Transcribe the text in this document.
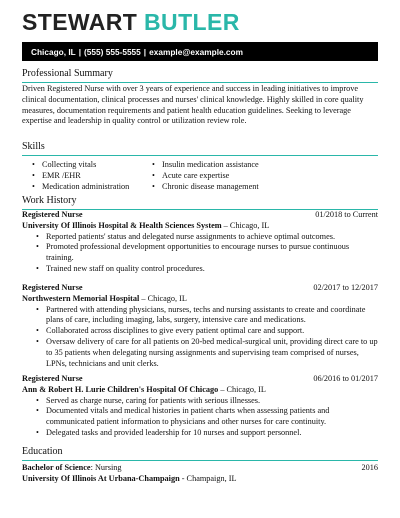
STEWART BUTLER
Chicago, IL | (555) 555-5555 | example@example.com
Professional Summary
Driven Registered Nurse with over 3 years of experience and success in leading initiatives to improve clinical documentation, clinical processes and nurses' clinical knowledge. Highly skilled in core quality measures, documentation requirements and patient health education guidelines. Seeking to leverage expertise and leadership in quality control or utilization review role.
Skills
• Collecting vitals	• Insulin medication assistance
• EMR /EHR	• Acute care expertise
• Medication administration	• Chronic disease management
Work History
Registered Nurse	01/2018 to Current
University Of Illinois Hospital & Health Sciences System – Chicago, IL
• Reported patients' status and delegated nurse assignments to achieve optimal outcomes.
• Promoted professional development opportunities to encourage nurses to pursue continuous training.
• Trained new staff on quality control procedures.
Registered Nurse	02/2017 to 12/2017
Northwestern Memorial Hospital – Chicago, IL
• Partnered with attending physicians, nurses, techs and nursing assistants to create and coordinate plans of care, including imaging, labs, surgery, intensive care and medications.
• Collaborated across disciplines to give every patient optimal care and support.
• Oversaw delivery of care for all patients on 20-bed medical-surgical unit, providing direct care to up to 35 patients when delegating nursing assignments and supervising team comprised of nurses, LPNs, technicians and unit clerks.
Registered Nurse	06/2016 to 01/2017
Ann & Robert H. Lurie Children's Hospital Of Chicago – Chicago, IL
• Served as charge nurse, caring for patients with serious illnesses.
• Documented vitals and medical histories in patient charts when assessing patients and communicated patient information to physicians and other nurses for care continuity.
• Delegated tasks and provided leadership for 10 nurses and support personnel.
Education
Bachelor of Science: Nursing	2016
University Of Illinois At Urbana-Champaign - Champaign, IL
